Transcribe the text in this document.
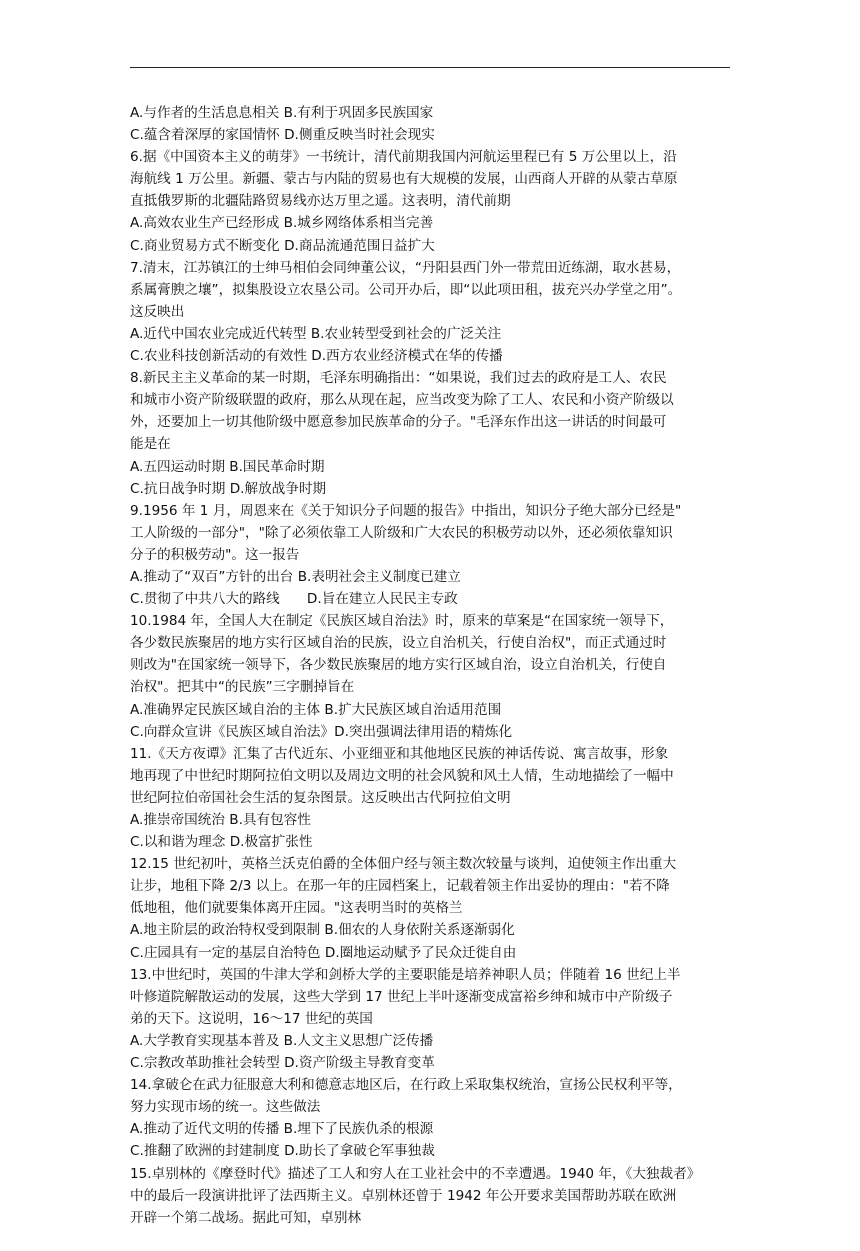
A.与作者的生活息息相关 B.有利于巩固多民族国家
C.蕴含着深厚的家国情怀 D.侧重反映当时社会现实
6.据《中国资本主义的萌芽》一书统计，清代前期我国内河航运里程已有 5 万公里以上，沿
海航线 1 万公里。新疆、蒙古与内陆的贸易也有大规模的发展，山西商人开辟的从蒙古草原
直抵俄罗斯的北疆陆路贸易线亦达万里之遥。这表明，清代前期
A.高效农业生产已经形成 B.城乡网络体系相当完善
C.商业贸易方式不断变化 D.商品流通范围日益扩大
7.清末，江苏镇江的士绅马相伯会同绅董公议，“丹阳县西门外一带荒田近练湖，取水甚易，
系属膏腴之壤”，拟集股设立农垦公司。公司开办后，即“以此项田租，拔充兴办学堂之用”。
这反映出
A.近代中国农业完成近代转型 B.农业转型受到社会的广泛关注
C.农业科技创新活动的有效性 D.西方农业经济模式在华的传播
8.新民主主义革命的某一时期，毛泽东明确指出：“如果说，我们过去的政府是工人、农民
和城市小资产阶级联盟的政府，那么从现在起，应当改变为除了工人、农民和小资产阶级以
外，还要加上一切其他阶级中愿意参加民族革命的分子。"毛泽东作出这一讲话的时间最可
能是在
A.五四运动时期 B.国民革命时期
C.抗日战争时期 D.解放战争时期
9.1956 年 1 月，周恩来在《关于知识分子问题的报告》中指出，知识分子绝大部分已经是"
工人阶级的一部分"，"除了必须依靠工人阶级和广大农民的积极劳动以外，还必须依靠知识
分子的积极劳动"。这一报告
A.推动了“双百”方针的出台 B.表明社会主义制度已建立
C.贯彻了中共八大的路线　　D.旨在建立人民民主专政
10.1984 年，全国人大在制定《民族区域自治法》时，原来的草案是“在国家统一领导下，
各少数民族聚居的地方实行区域自治的民族，设立自治机关，行使自治权"，而正式通过时
则改为"在国家统一领导下，各少数民族聚居的地方实行区域自治，设立自治机关，行使自
治权"。把其中“的民族”三字删掉旨在
A.准确界定民族区域自治的主体 B.扩大民族区域自治适用范围
C.向群众宣讲《民族区域自治法》D.突出强调法律用语的精炼化
11.《天方夜谭》汇集了古代近东、小亚细亚和其他地区民族的神话传说、寓言故事，形象
地再现了中世纪时期阿拉伯文明以及周边文明的社会风貌和风土人情，生动地描绘了一幅中
世纪阿拉伯帝国社会生活的复杂图景。这反映出古代阿拉伯文明
A.推崇帝国统治 B.具有包容性
C.以和谐为理念 D.极富扩张性
12.15 世纪初叶，英格兰沃克伯爵的全体佃户经与领主数次较量与谈判，迫使领主作出重大
让步，地租下降 2/3 以上。在那一年的庄园档案上，记载着领主作出妥协的理由："若不降
低地租，他们就要集体离开庄园。"这表明当时的英格兰
A.地主阶层的政治特权受到限制 B.佃农的人身依附关系逐渐弱化
C.庄园具有一定的基层自治特色 D.圈地运动赋予了民众迁徙自由
13.中世纪时，英国的牛津大学和剑桥大学的主要职能是培养神职人员；伴随着 16 世纪上半
叶修道院解散运动的发展，这些大学到 17 世纪上半叶逐渐变成富裕乡绅和城市中产阶级子
弟的天下。这说明，16～17 世纪的英国
A.大学教育实现基本普及 B.人文主义思想广泛传播
C.宗教改革助推社会转型 D.资产阶级主导教育变革
14.拿破仑在武力征服意大利和德意志地区后，在行政上采取集权统治，宣扬公民权利平等，
努力实现市场的统一。这些做法
A.推动了近代文明的传播 B.埋下了民族仇杀的根源
C.推翻了欧洲的封建制度 D.助长了拿破仑军事独裁
15.卓别林的《摩登时代》描述了工人和穷人在工业社会中的不幸遭遇。1940 年，《大独裁者》
中的最后一段演讲批评了法西斯主义。卓别林还曾于 1942 年公开要求美国帮助苏联在欧洲
开辟一个第二战场。据此可知，卓别林
